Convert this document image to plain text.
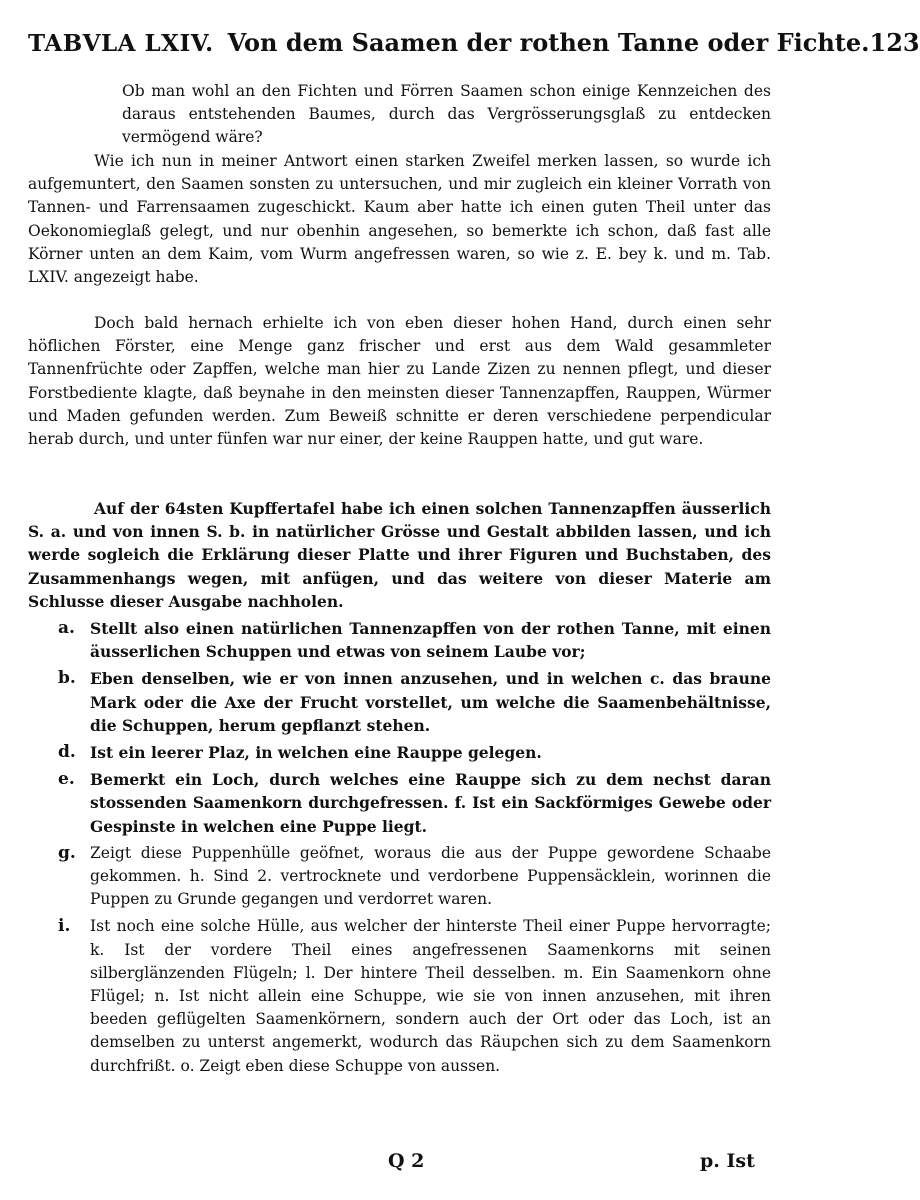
TABVLA LXIV. Von dem Saamen der rothen Tanne oder Fichte. 123

Ob man wohl an den Fichten und Förren Saamen schon einige Kennzeichen des daraus entstehenden Baumes, durch das Vergrösserungsglaß zu entdecken vermögend wäre?

Wie ich nun in meiner Antwort einen starken Zweifel merken lassen, so wurde ich aufgemuntert, den Saamen sonsten zu untersuchen, und mir zugleich ein kleiner Vorrath von Tannen- und Farrensaamen zugeschickt. Kaum aber hatte ich einen guten Theil unter das Oekonomieglaß gelegt, und nur obenhin angesehen, so bemerkte ich schon, daß fast alle Körner unten an dem Kaim, vom Wurm angefressen waren, so wie z. E. bey k. und m. Tab. LXIV. angezeigt habe.

Doch bald hernach erhielte ich von eben dieser hohen Hand, durch einen sehr höflichen Förster, eine Menge ganz frischer und erst aus dem Wald gesammleter Tannenfrüchte oder Zapffen, welche man hier zu Lande Zizen zu nennen pflegt, und dieser Forstbediente klagte, daß beynahe in den meinsten dieser Tannenzapffen, Rauppen, Würmer und Maden gefunden werden. Zum Beweiß schnitte er deren verschiedene perpendicular herab durch, und unter fünfen war nur einer, der keine Rauppen hatte, und gut ware.

Auf der 64sten Kupffertafel habe ich einen solchen Tannenzapffen äusserlich S. a. und von innen S. b. in natürlicher Grösse und Gestalt abbilden lassen, und ich werde sogleich die Erklärung dieser Platte und ihrer Figuren und Buchstaben, des Zusammenhangs wegen, mit anfügen, und das weitere von dieser Materie am Schlusse dieser Ausgabe nachholen.

a. Stellt also einen natürlichen Tannenzapffen von der rothen Tanne, mit einen äusserlichen Schuppen und etwas von seinem Laube vor;
b. Eben denselben, wie er von innen anzusehen, und in welchen c. das braune Mark oder die Axe der Frucht vorstellet, um welche die Saamenbehältnisse, die Schuppen, herum gepflanzt stehen.
d. Ist ein leerer Plaz, in welchen eine Rauppe gelegen.
e. Bemerkt ein Loch, durch welches eine Rauppe sich zu dem nechst daran stossenden Saamenkorn durchgefressen. f. Ist ein Sackförmiges Gewebe oder Gespinste in welchen eine Puppe liegt.
g. Zeigt diese Puppenhülle geöfnet, woraus die aus der Puppe gewordene Schaabe gekommen. h. Sind 2. vertrocknete und verdorbene Puppensäcklein, worinnen die Puppen zu Grunde gegangen und verdorret waren.
i.	Ist noch eine solche Hülle, aus welcher der hinterste Theil einer Puppe hervorragte; k. Ist der vordere Theil eines angefressenen Saamenkorns mit seinen silberglänzenden Flügeln; l. Der hintere Theil desselben. m. Ein Saamenkorn ohne Flügel; n. Ist nicht allein eine Schuppe, wie sie von innen anzusehen, mit ihren beeden geflügelten Saamenkörnern, sondern auch der Ort oder das Loch, ist an demselben zu unterst angemerkt, wodurch das Räupchen sich zu dem Saamenkorn durchfrißt. o. Zeigt eben diese Schuppe von aussen.
Q 2	p. Ist
